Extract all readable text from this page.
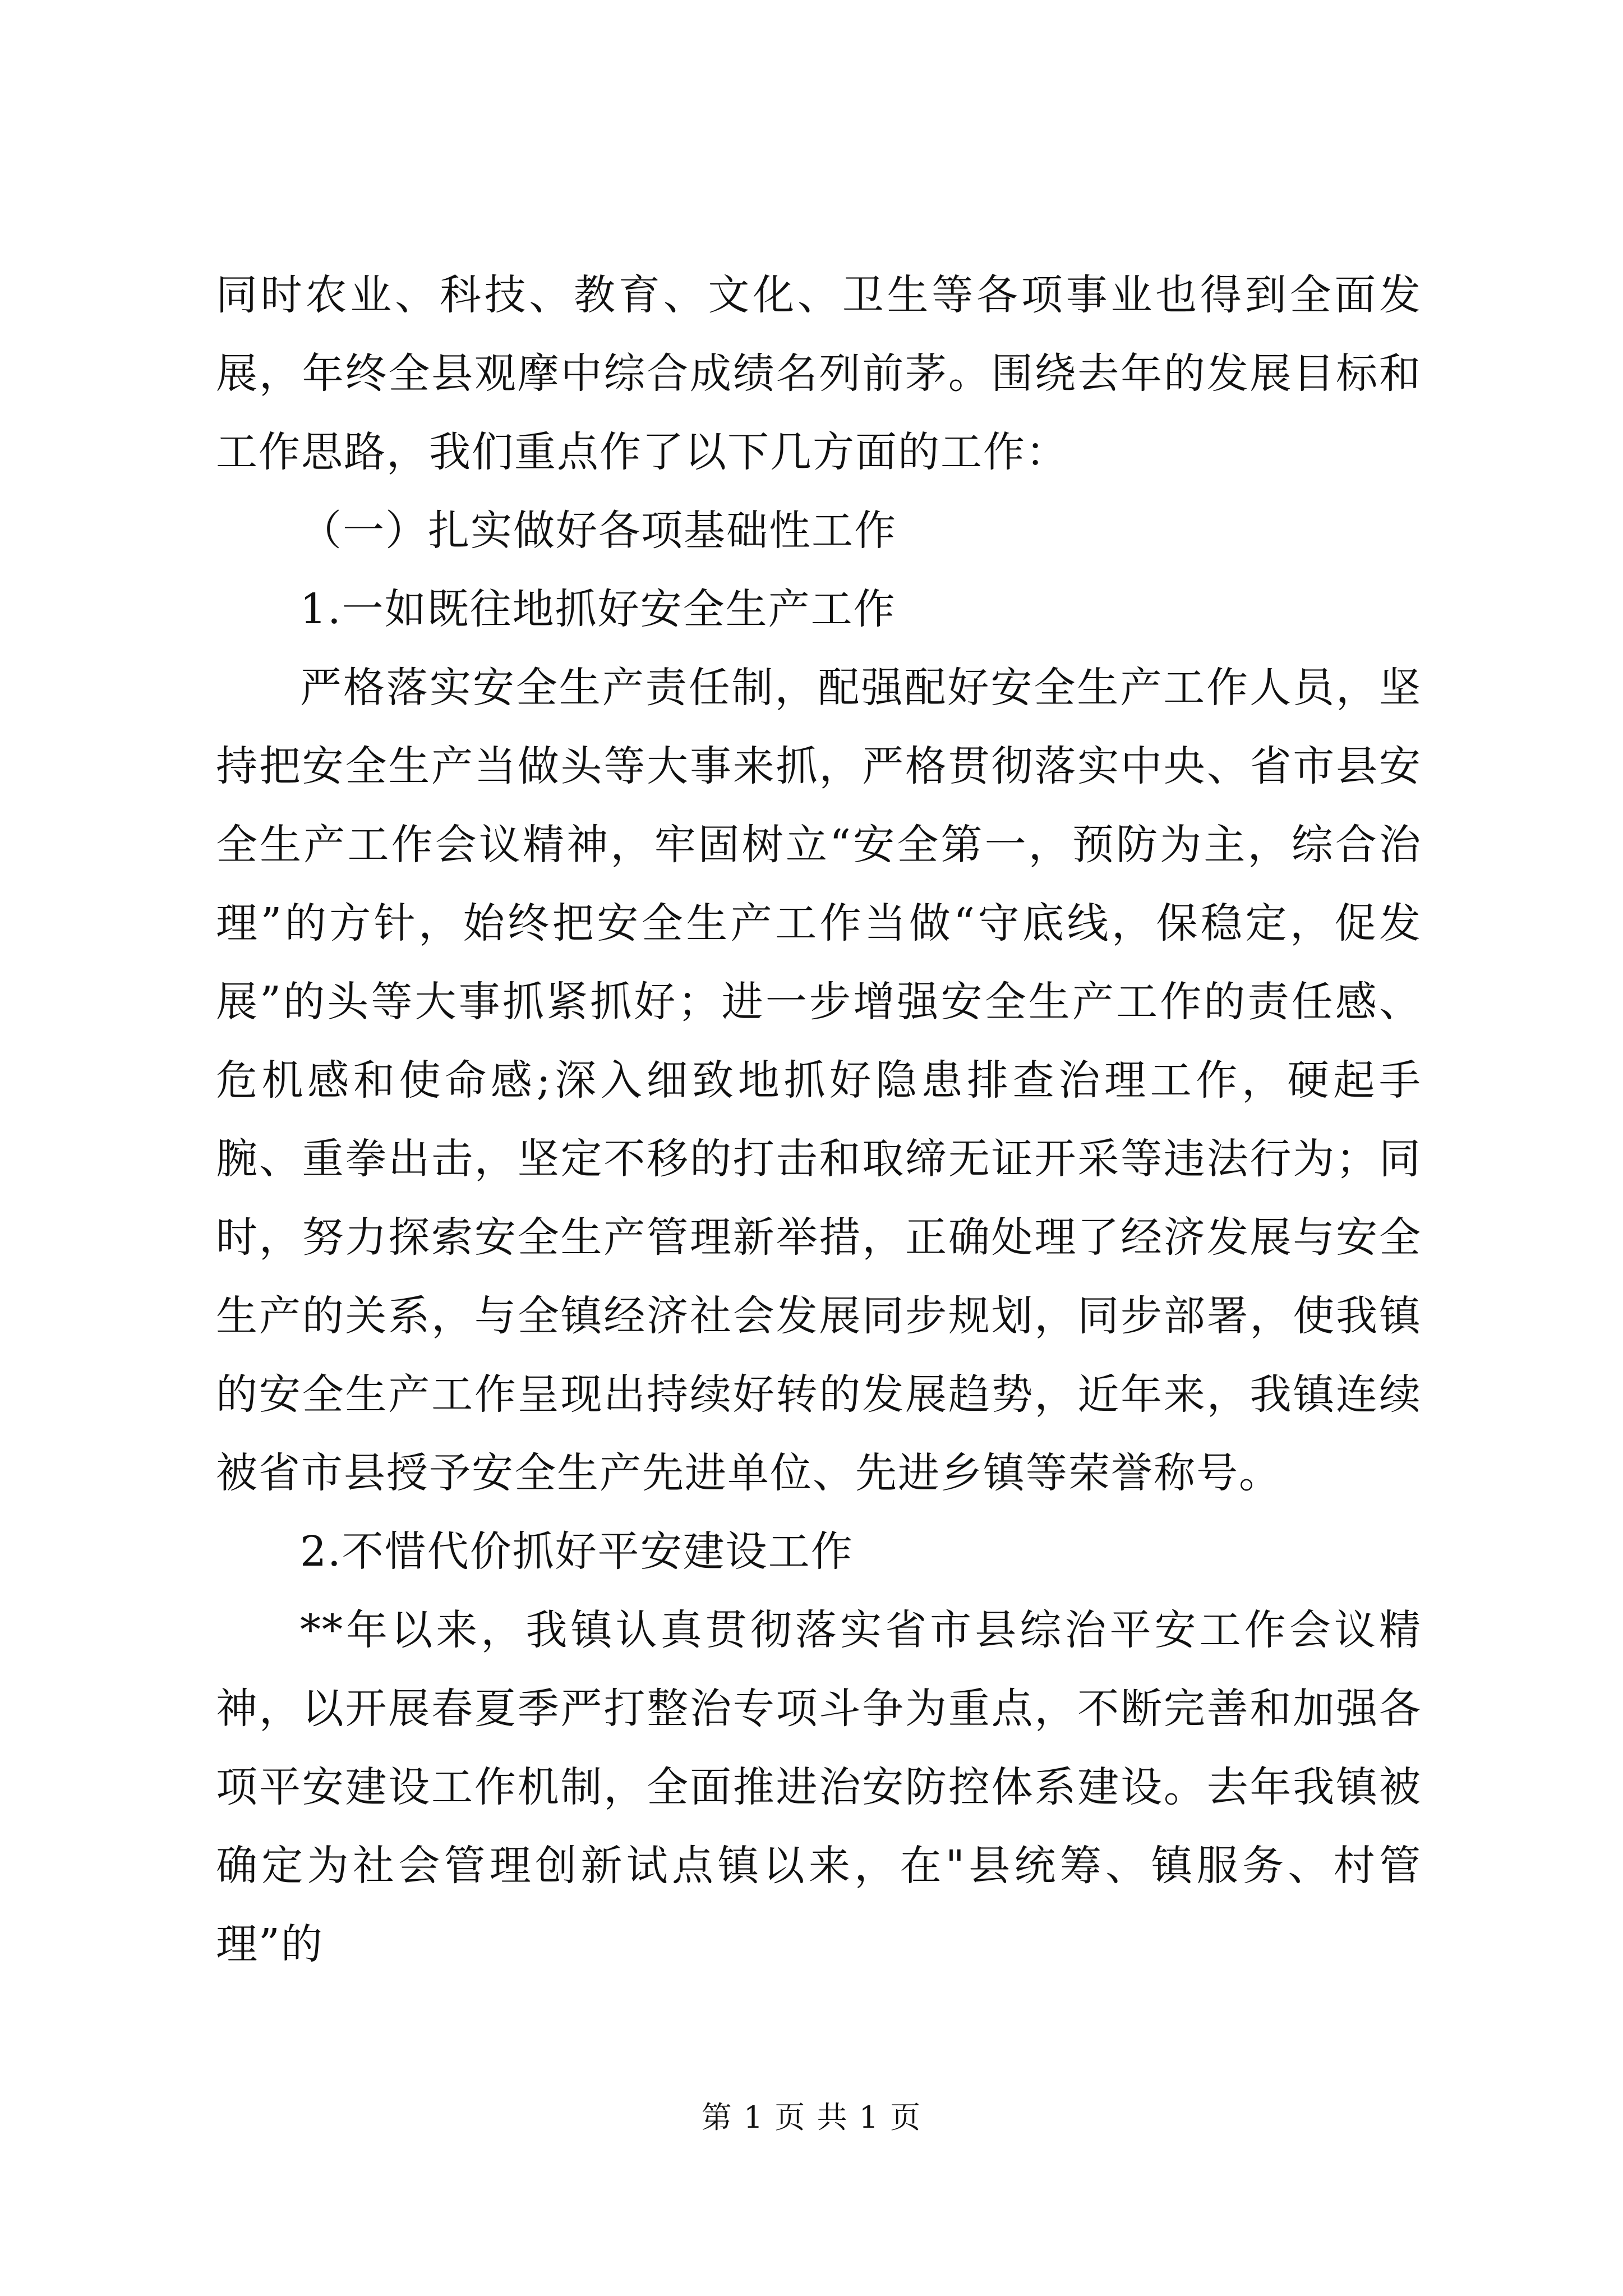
同时农业、科技、教育、文化、卫生等各项事业也得到全面发展，年终全县观摩中综合成绩名列前茅。围绕去年的发展目标和工作思路，我们重点作了以下几方面的工作：

（一）扎实做好各项基础性工作

1.一如既往地抓好安全生产工作

严格落实安全生产责任制，配强配好安全生产工作人员，坚持把安全生产当做头等大事来抓，严格贯彻落实中央、省市县安全生产工作会议精神，牢固树立“安全第一，预防为主，综合治理”的方针，始终把安全生产工作当做“守底线，保稳定，促发展”的头等大事抓紧抓好；进一步增强安全生产工作的责任感、危机感和使命感;深入细致地抓好隐患排查治理工作，硬起手腕、重拳出击，坚定不移的打击和取缔无证开采等违法行为；同时，努力探索安全生产管理新举措，正确处理了经济发展与安全生产的关系，与全镇经济社会发展同步规划，同步部署，使我镇的安全生产工作呈现出持续好转的发展趋势，近年来，我镇连续被省市县授予安全生产先进单位、先进乡镇等荣誉称号。

2.不惜代价抓好平安建设工作

**年以来，我镇认真贯彻落实省市县综治平安工作会议精神，以开展春夏季严打整治专项斗争为重点，不断完善和加强各项平安建设工作机制，全面推进治安防控体系建设。去年我镇被确定为社会管理创新试点镇以来，在"县统筹、镇服务、村管理”的

第 1 页 共 1 页
